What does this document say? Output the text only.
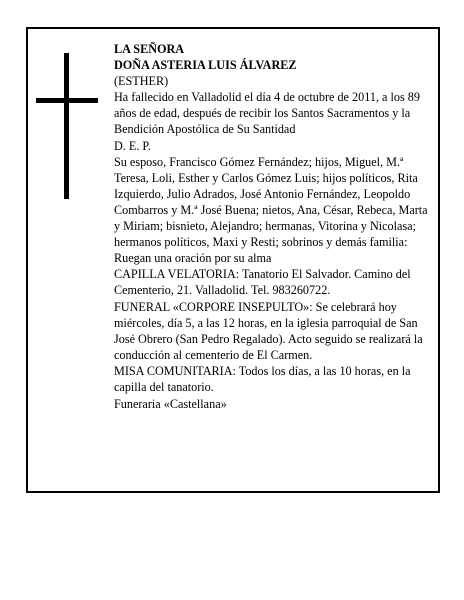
LA SEÑORA

DOÑA ASTERIA LUIS ÁLVAREZ

(ESTHER)

Ha fallecido en Valladolid el día 4 de octubre de 2011, a los 89 años de edad, después de recibir los Santos Sacramentos y la Bendición Apostólica de Su Santidad

D. E. P.

Su esposo, Francisco Gómez Fernández; hijos, Miguel, M.ª Teresa, Loli, Esther y Carlos Gómez Luis; hijos políticos, Rita Izquierdo, Julio Adrados, José Antonio Fernández, Leopoldo Combarros y M.ª José Buena; nietos, Ana, César, Rebeca, Marta y Miriam; bisnieto, Alejandro; hermanas, Vitorina y Nicolasa; hermanos políticos, Maxi y Resti; sobrinos y demás familia:

Ruegan una oración por su alma

CAPILLA VELATORIA: Tanatorio El Salvador. Camino del Cementerio, 21. Valladolid. Tel. 983260722.

FUNERAL «CORPORE INSEPULTO»: Se celebrará hoy miércoles, día 5, a las 12 horas, en la iglesia parroquial de San José Obrero (San Pedro Regalado). Acto seguido se realizará la conducción al cementerio de El Carmen.

MISA COMUNITARIA: Todos los días, a las 10 horas, en la capilla del tanatorio.

Funeraria «Castellana»
